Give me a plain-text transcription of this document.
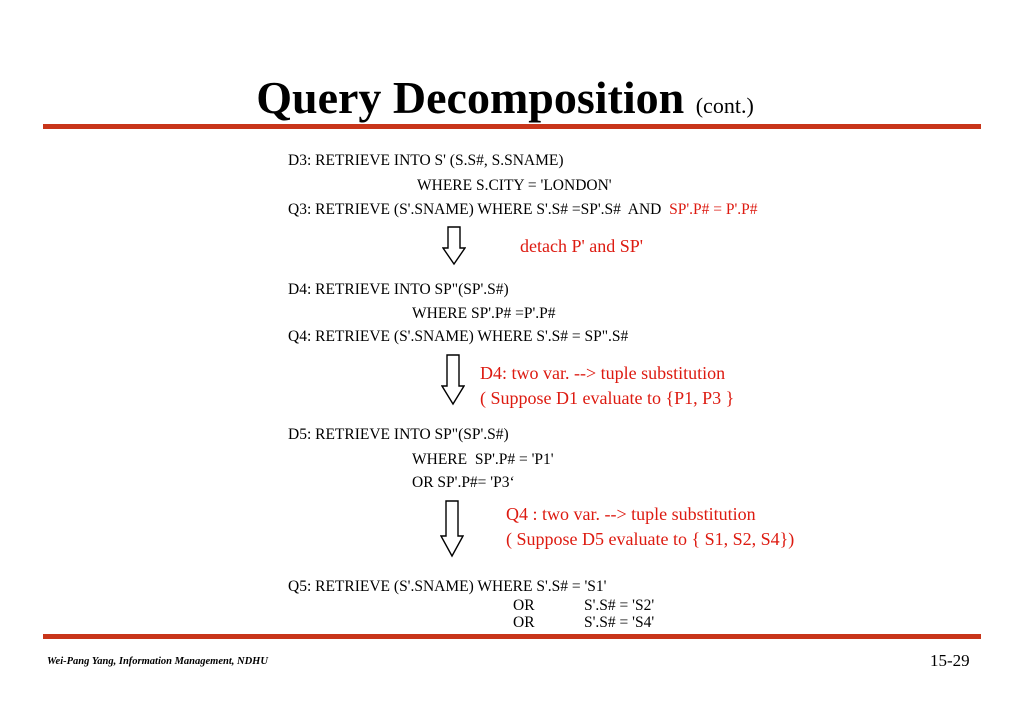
Query Decomposition (cont.)
D3: RETRIEVE INTO S' (S.S#, S.SNAME)
WHERE S.CITY = 'LONDON'
Q3: RETRIEVE (S'.SNAME) WHERE S'.S# =SP'.S#  AND  SP'.P# = P'.P#
detach P' and SP'
D4: RETRIEVE INTO SP"(SP'.S#)
WHERE SP'.P# =P'.P#
Q4: RETRIEVE (S'.SNAME) WHERE S'.S# = SP".S#
D4: two var. --> tuple substitution
( Suppose D1 evaluate to {P1, P3 }
D5: RETRIEVE INTO SP"(SP'.S#)
WHERE  SP'.P# = 'P1'
OR SP'.P#= 'P3‘
Q4 : two var. --> tuple substitution
( Suppose D5 evaluate to { S1, S2, S4})
Q5: RETRIEVE (S'.SNAME) WHERE S'.S# = 'S1'
OR	S'.S# = 'S2'
OR	S'.S# = 'S4'
Wei-Pang Yang, Information Management, NDHU	15-29
